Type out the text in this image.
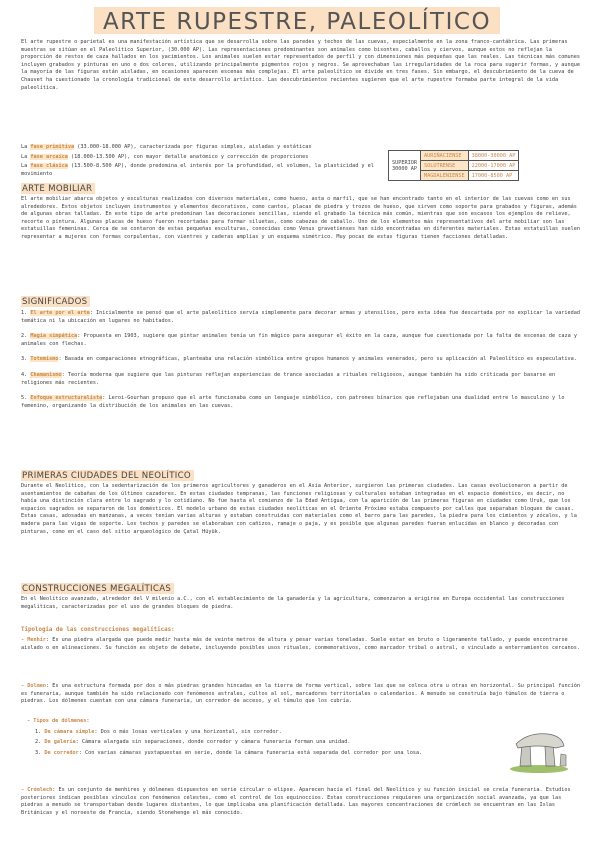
ARTE RUPESTRE, PALEOLÍTICO
El arte rupestre o parietal es una manifestación artística que se desarrolla sobre las paredes y techos de las cuevas, especialmente en la zona franco-cantábrica. Las primeras muestras se sitúan en el Paleolítico Superior, (30.000 AP). Las representaciones predominantes son animales como bisontes, caballos y ciervos, aunque estos no reflejan la proporción de restos de caza hallados en los yacimientos. Los animales suelen estar representados de perfil y con dimensiones más pequeñas que las reales. Las técnicas más comunes incluyen grabados y pinturas en uno o dos colores, utilizando principalmente pigmentos rojos y negros. Se aprovechaban las irregularidades de la roca para sugerir formas, y aunque la mayoría de las figuras están aisladas, en ocasiones aparecen escenas más complejas. El arte paleolítico se divide en tres fases. Sin embargo, el descubrimiento de la cueva de Chauvet ha cuestionado la cronología tradicional de este desarrollo artístico. Las descubrimientos recientes sugieren que el arte rupestre formaba parte integral de la vida paleolítica.
La fase primitiva (33.000-18.000 AP), caracterizada por figuras simples, aisladas y estáticas
La fase arcaica (18.000-13.500 AP), con mayor detalle anatómico y corrección de proporciones
La fase clásica (13.500-8.500 AP), donde predomina el interés por la profundidad, el volumen, la plasticidad y el movimiento
SUPERIOR
30000 AP	AURIÑACIENSE	38000-30000 AP
	SOLUTRENSE	22000-17000 AP
	MAGDALENIENSE	17000-8500 AP
ARTE MOBILIAR
El arte mobiliar abarca objetos y esculturas realizados con diversos materiales, como hueso, asta o marfil, que se han encontrado tanto en el interior de las cuevas como en sus alrededores. Estos objetos incluyen instrumentos y elementos decorativos, como cantos, placas de piedra y trozos de hueso, que sirven como soporte para grabados y figuras, además de algunas obras talladas. En este tipo de arte predominan las decoraciones sencillas, siendo el grabado la técnica más común, mientras que son escasos los ejemplos de relieve, recorte o pintura. Algunas placas de hueso fueron recortadas para formar siluetas, como cabezas de caballo. Uno de los elementos más representativos del arte mobiliar son las estatuillas femeninas. Cerca de se contaron de estas pequeñas esculturas, conocidas como Venus gravetienses han sido encontradas en diferentes materiales. Estas estatuillas suelen representar a mujeres con formas corpulentas, con vientres y caderas amplias y un esquema simétrico. Muy pocas de estas figuras tienen facciones detalladas.
SIGNIFICADOS
1. El arte por el arte: Inicialmente se pensó que el arte paleolítico servía simplemente para decorar armas y utensilios, pero esta idea fue descartada por no explicar la variedad temática ni la ubicación en lugares no habitados.
2. Magia simpática: Propuesta en 1903, sugiere que pintar animales tenía un fin mágico para asegurar el éxito en la caza, aunque fue cuestionada por la falta de escenas de caza y animales con flechas.
3. Totemismo: Basada en comparaciones etnográficas, planteaba una relación simbólica entre grupos humanos y animales venerados, pero su aplicación al Paleolítico es especulativa.
4. Chamanismo: Teoría moderna que sugiere que las pinturas reflejan experiencias de trance asociadas a rituales religiosos, aunque también ha sido criticada por basarse en religiones más recientes.
5. Enfoque estructuralista: Leroi-Gourhan propuso que el arte funcionaba como un lenguaje simbólico, con patrones binarios que reflejaban una dualidad entre lo masculino y lo femenino, organizando la distribución de los animales en las cuevas.
PRIMERAS CIUDADES DEL NEOLÍTICO
Durante el Neolítico, con la sedentarización de los primeros agricultores y ganaderos en el Asia Anterior, surgieron las primeras ciudades. Las casas evolucionaron a partir de asentamientos de cabañas de los últimos cazadores. En estas ciudades tempranas, las funciones religiosas y culturales estaban integradas en el espacio doméstico, es decir, no había una distinción clara entre lo sagrado y lo cotidiano. No fue hasta el comienzo de la Edad Antigua, con la aparición de las primeras figuras en ciudades como Uruk, que los espacios sagrados se separaron de los domésticos. El modelo urbano de estas ciudades neolíticas en el Oriente Próximo estaba compuesto por calles que separaban bloques de casas. Estas casas, adosadas en manzanas, a veces tenían varias alturas y estaban construidas con materiales como el barro para las paredes, la piedra para los cimientos y zócalos, y la madera para las vigas de soporte. Los techos y paredes se elaboraban con cañizos, ramaje o paja, y es posible que algunas paredes fueran enlucidas en blanco y decoradas con pinturas, como en el caso del sitio arqueológico de Çatal Hüyük.
CONSTRUCCIONES MEGALÍTICAS
En el Neolítico avanzado, alrededor del V milenio a.C., con el establecimiento de la ganadería y la agricultura, comenzaron a erigirse en Europa occidental las construcciones megalíticas, caracterizadas por el uso de grandes bloques de piedra.
Tipología de las construcciones megalíticas:
- Menhir: Es una piedra alargada que puede medir hasta más de veinte metros de altura y pesar varias toneladas. Suele estar en bruto o ligeramente tallado, y puede encontrarse aislado o en alineaciones. Su función es objeto de debate, incluyendo posibles usos rituales, conmemorativos, como marcador tribal o astral, o vinculado a enterramientos cercanos.
- Dolmen: Es una estructura formada por dos o más piedras grandes hincadas en la tierra de forma vertical, sobre las que se coloca otra u otras en horizontal. Su principal función es funeraria, aunque también ha sido relacionado con fenómenos astrales, cultos al sol, marcadores territoriales o calendarios. A menudo se construía bajo túmulos de tierra o piedras. Los dólmenes cuentan con una cámara funeraria, un corredor de acceso, y el túmulo que los cubría.
- Tipos de dólmenes:
1. De cámara simple: Dos o más losas verticales y una horizontal, sin corredor.
2. De galería: Cámara alargada sin separaciones, donde corredor y cámara funeraria forman una unidad.
3. De corredor: Con varias cámaras yuxtapuestas en serie, donde la cámara funeraria está separada del corredor por una losa.
- Crómlech: Es un conjunto de menhires y dólmenes dispuestos en serie circular o elipse. Aparecen hacia el final del Neolítico y su función inicial se creía funeraria. Estudios posteriores indican posibles vínculos con fenómenos celestes, como el control de los equinoccios. Estas construcciones requieren una organización social avanzada, ya que las piedras a menudo se transportaban desde lugares distantes, lo que implicaba una planificación detallada. Las mayores concentraciones de crómlech se encuentran en las Islas Británicas y el noroeste de Francia, siendo Stonehenge el más conocido.
